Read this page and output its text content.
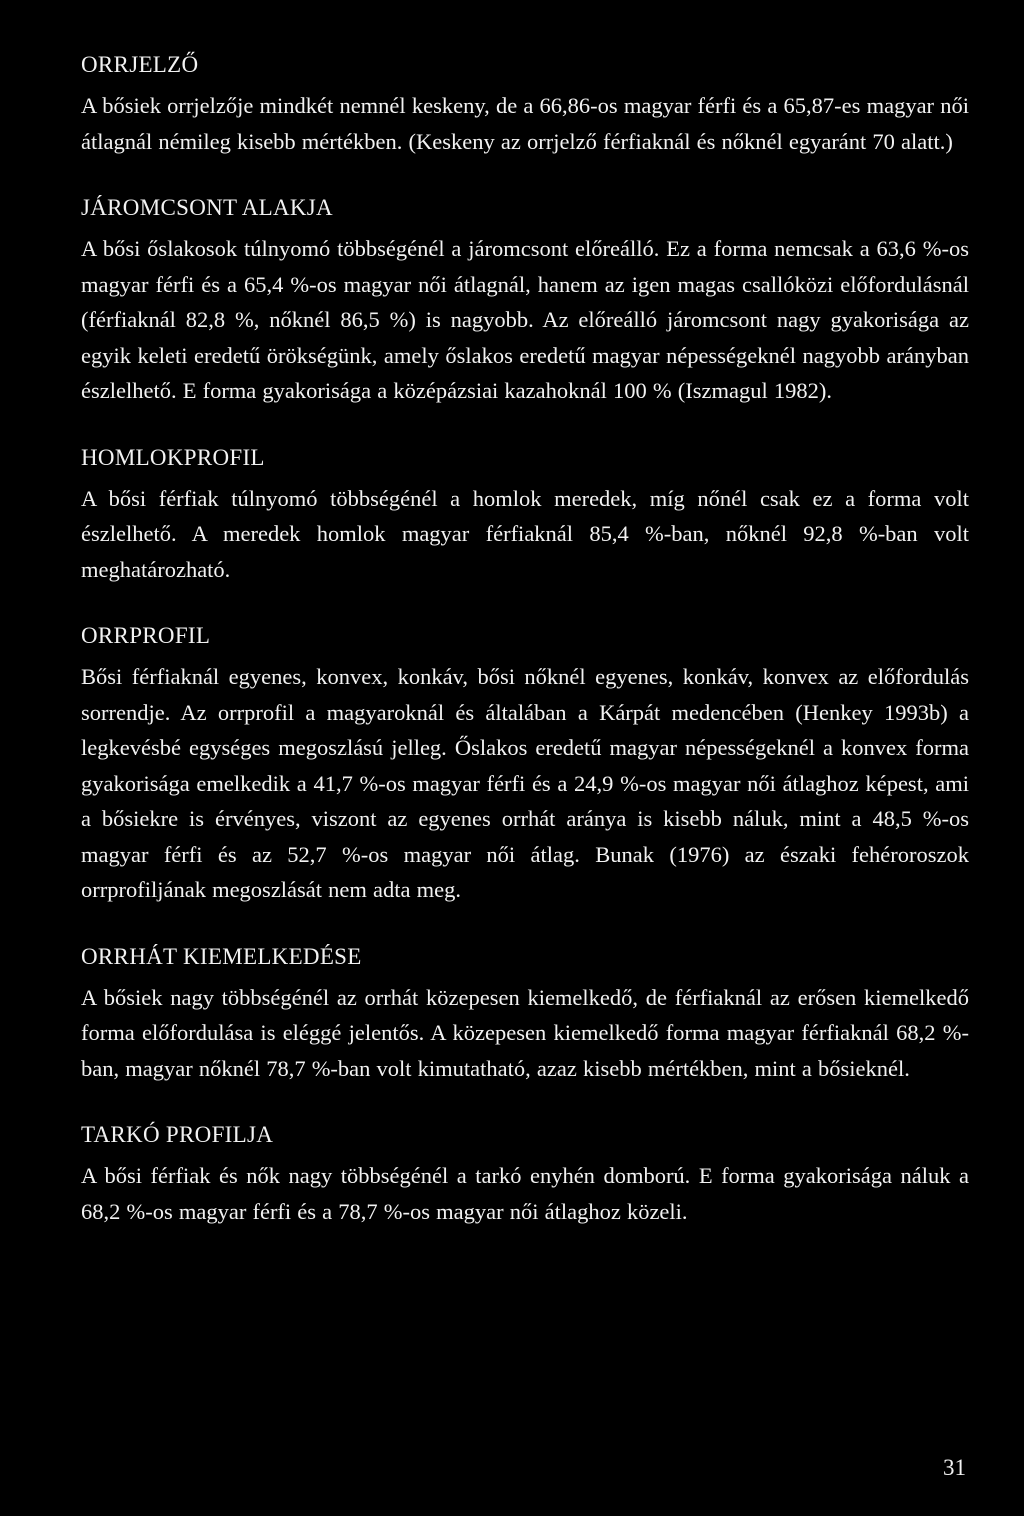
ORRJELZŐ

A bősiek orrjelzője mindkét nemnél keskeny, de a 66,86-os magyar férfi és a 65,87-es magyar női átlagnál némileg kisebb mértékben. (Keskeny az orrjelző férfiaknál és nőknél egyaránt 70 alatt.)

JÁROMCSONT ALAKJA

A bősi őslakosok túlnyomó többségénél a járomcsont előreálló. Ez a forma nemcsak a 63,6 %-os magyar férfi és a 65,4 %-os magyar női átlagnál, hanem az igen magas csallóközi előfordulásnál (férfiaknál 82,8 %, nőknél 86,5 %) is nagyobb. Az előreálló járomcsont nagy gyakorisága az egyik keleti eredetű örökségünk, amely őslakos eredetű magyar népességeknél nagyobb arányban észlelhető. E forma gyakorisága a középázsiai kazahoknál 100 % (Iszmagul 1982).

HOMLOKPROFIL

A bősi férfiak túlnyomó többségénél a homlok meredek, míg nőnél csak ez a forma volt észlelhető. A meredek homlok magyar férfiaknál 85,4 %-ban, nőknél 92,8 %-ban volt meghatározható.

ORRPROFIL

Bősi férfiaknál egyenes, konvex, konkáv, bősi nőknél egyenes, konkáv, konvex az előfordulás sorrendje. Az orrprofil a magyaroknál és általában a Kárpát medencében (Henkey 1993b) a legkevésbé egységes megoszlású jelleg. Őslakos eredetű magyar népességeknél a konvex forma gyakorisága emelkedik a 41,7 %-os magyar férfi és a 24,9 %-os magyar női átlaghoz képest, ami a bősiekre is érvényes, viszont az egyenes orrhát aránya is kisebb náluk, mint a 48,5 %-os magyar férfi és az 52,7 %-os magyar női átlag. Bunak (1976) az északi fehéroroszok orrprofiljának megoszlását nem adta meg.

ORRHÁT KIEMELKEDÉSE

A bősiek nagy többségénél az orrhát közepesen kiemelkedő, de férfiaknál az erősen kiemelkedő forma előfordulása is eléggé jelentős. A közepesen kiemelkedő forma magyar férfiaknál 68,2 %-ban, magyar nőknél 78,7 %-ban volt kimutatható, azaz kisebb mértékben, mint a bősieknél.

TARKÓ PROFILJA

A bősi férfiak és nők nagy többségénél a tarkó enyhén domború. E forma gyakorisága náluk a 68,2 %-os magyar férfi és a 78,7 %-os magyar női átlaghoz közeli.

31
